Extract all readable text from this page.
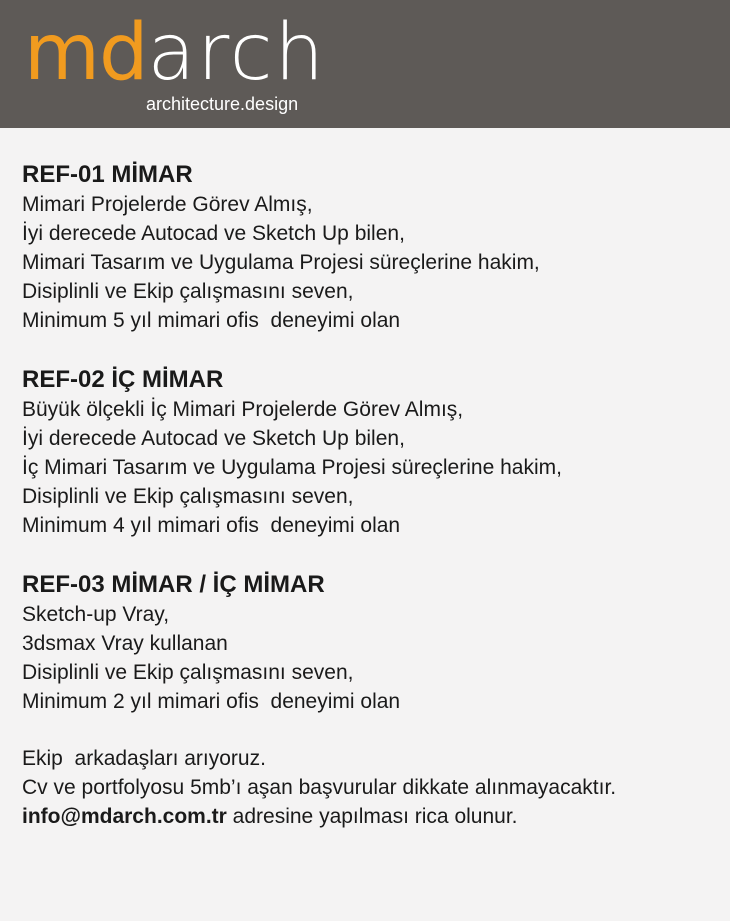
mdarch
architecture.design
REF-01 MİMAR
Mimari Projelerde Görev Almış,
İyi derecede Autocad ve Sketch Up bilen,
Mimari Tasarım ve Uygulama Projesi süreçlerine hakim,
Disiplinli ve Ekip çalışmasını seven,
Minimum 5 yıl mimari ofis  deneyimi olan
REF-02 İÇ MİMAR
Büyük ölçekli İç Mimari Projelerde Görev Almış,
İyi derecede Autocad ve Sketch Up bilen,
İç Mimari Tasarım ve Uygulama Projesi süreçlerine hakim,
Disiplinli ve Ekip çalışmasını seven,
Minimum 4 yıl mimari ofis  deneyimi olan
REF-03 MİMAR / İÇ MİMAR
Sketch-up Vray,
3dsmax Vray kullanan
Disiplinli ve Ekip çalışmasını seven,
Minimum 2 yıl mimari ofis  deneyimi olan
Ekip  arkadaşları arıyoruz.
Cv ve portfolyosu 5mb’ı aşan başvurular dikkate alınmayacaktır.
info@mdarch.com.tr adresine yapılması rica olunur.
